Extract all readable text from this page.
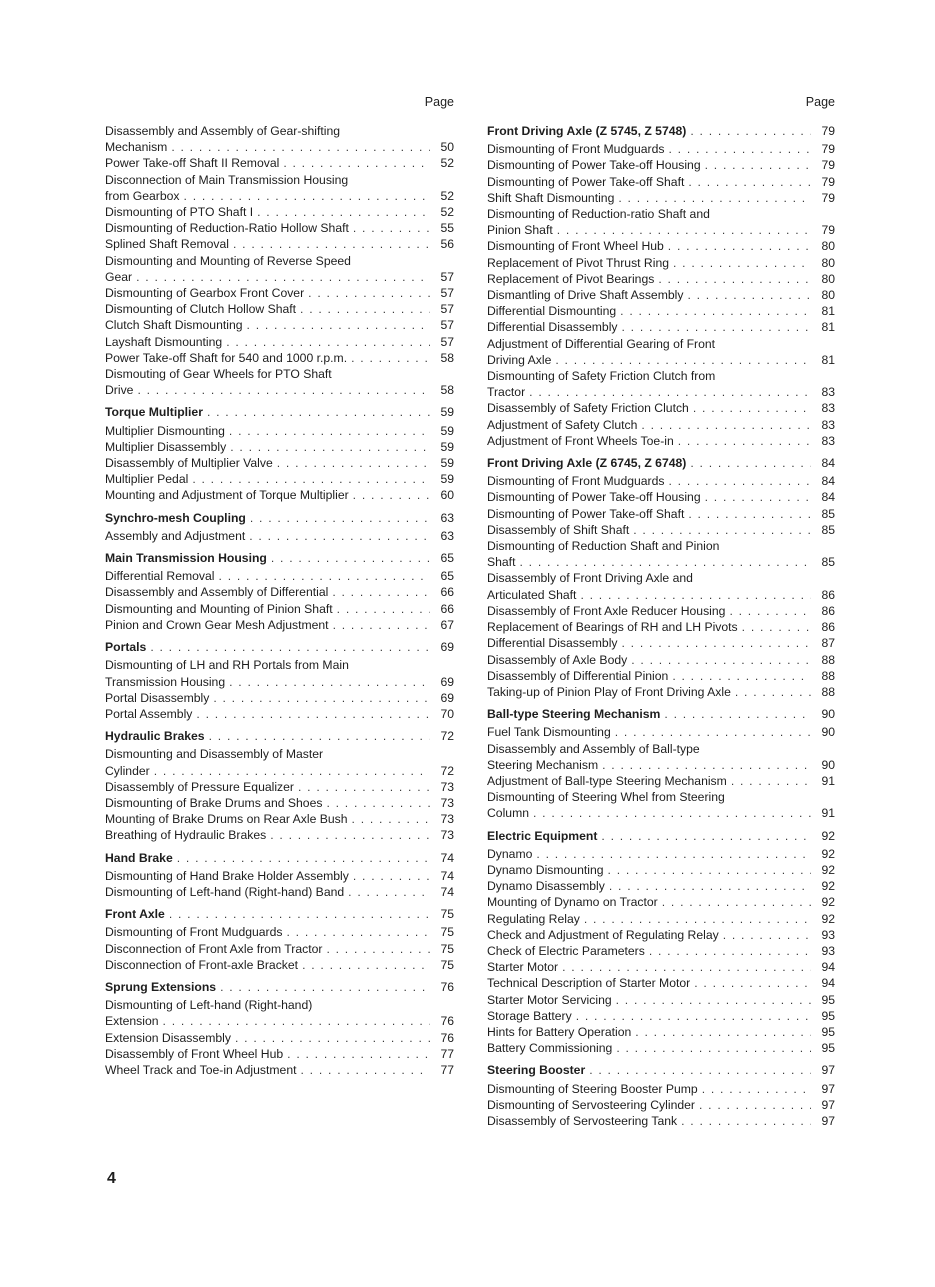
Page
Disassembly and Assembly of Gear-shifting
Mechanism . . .	50
Power Take-off Shaft II Removal . . .	52
Disconnection of Main Transmission Housing
from Gearbox . . .	52
Dismounting of PTO Shaft I . . .	52
Dismounting of Reduction-Ratio Hollow Shaft . . .	55
Splined Shaft Removal . . .	56
Dismounting and Mounting of Reverse Speed
Gear . . .	57
Dismounting of Gearbox Front Cover . . .	57
Dismounting of Clutch Hollow Shaft . . .	57
Clutch Shaft Dismounting . . .	57
Layshaft Dismounting . . .	57
Power Take-off Shaft for 540 and 1000 r.p.m. . . .	58
Dismouting of Gear Wheels for PTO Shaft
Drive . . .	58
Torque Multiplier . . .	59
Multiplier Dismounting . . .	59
Multiplier Disassembly . . .	59
Disassembly of Multiplier Valve . . .	59
Multiplier Pedal . . .	59
Mounting and Adjustment of Torque Multiplier . . .	60
Synchro-mesh Coupling . . .	63
Assembly and Adjustment . . .	63
Main Transmission Housing . . .	65
Differential Removal . . .	65
Disassembly and Assembly of Differential . . .	66
Dismounting and Mounting of Pinion Shaft . . .	66
Pinion and Crown Gear Mesh Adjustment . . .	67
Portals . . .	69
Dismounting of LH and RH Portals from Main
Transmission Housing . . .	69
Portal Disassembly . . .	69
Portal Assembly . . .	70
Hydraulic Brakes . . .	72
Dismounting and Disassembly of Master
Cylinder . . .	72
Disassembly of Pressure Equalizer . . .	73
Dismounting of Brake Drums and Shoes . . .	73
Mounting of Brake Drums on Rear Axle Bush . . .	73
Breathing of Hydraulic Brakes . . .	73
Hand Brake . . .	74
Dismounting of Hand Brake Holder Assembly . . .	74
Dismounting of Left-hand (Right-hand) Band . . .	74
Front Axle . . .	75
Dismounting of Front Mudguards . . .	75
Disconnection of Front Axle from Tractor . . .	75
Disconnection of Front-axle Bracket . . .	75
Sprung Extensions . . .	76
Dismounting of Left-hand (Right-hand)
Extension . . .	76
Extension Disassembly . . .	76
Disassembly of Front Wheel Hub . . .	77
Wheel Track and Toe-in Adjustment . . .	77
Page
Front Driving Axle (Z 5745, Z 5748) . . .	79
Dismounting of Front Mudguards . . .	79
Dismounting of Power Take-off Housing . . .	79
Dismounting of Power Take-off Shaft . . .	79
Shift Shaft Dismounting . . .	79
Dismounting of Reduction-ratio Shaft and
Pinion Shaft . . .	79
Dismounting of Front Wheel Hub . . .	80
Replacement of Pivot Thrust Ring . . .	80
Replacement of Pivot Bearings . . .	80
Dismantling of Drive Shaft Assembly . . .	80
Differential Dismounting . . .	81
Differential Disassembly . . .	81
Adjustment of Differential Gearing of Front
Driving Axle . . .	81
Dismounting of Safety Friction Clutch from
Tractor . . .	83
Disassembly of Safety Friction Clutch . . .	83
Adjustment of Safety Clutch . . .	83
Adjustment of Front Wheels Toe-in . . .	83
Front Driving Axle (Z 6745, Z 6748) . . .	84
Dismounting of Front Mudguards . . .	84
Dismounting of Power Take-off Housing . . .	84
Dismounting of Power Take-off Shaft . . .	85
Disassembly of Shift Shaft . . .	85
Dismounting of Reduction Shaft and Pinion
Shaft . . .	85
Disassembly of Front Driving Axle and
Articulated Shaft . . .	86
Disassembly of Front Axle Reducer Housing . . .	86
Replacement of Bearings of RH and LH Pivots . . .	86
Differential Disassembly . . .	87
Disassembly of Axle Body . . .	88
Disassembly of Differential Pinion . . .	88
Taking-up of Pinion Play of Front Driving Axle . . .	88
Ball-type Steering Mechanism . . .	90
Fuel Tank Dismounting . . .	90
Disassembly and Assembly of Ball-type
Steering Mechanism . . .	90
Adjustment of Ball-type Steering Mechanism . . .	91
Dismounting of Steering Whel from Steering
Column . . .	91
Electric Equipment . . .	92
Dynamo . . .	92
Dynamo Dismounting . . .	92
Dynamo Disassembly . . .	92
Mounting of Dynamo on Tractor . . .	92
Regulating Relay . . .	92
Check and Adjustment of Regulating Relay . . .	93
Check of Electric Parameters . . .	93
Starter Motor . . .	94
Technical Description of Starter Motor . . .	94
Starter Motor Servicing . . .	95
Storage Battery . . .	95
Hints for Battery Operation . . .	95
Battery Commissioning . . .	95
Steering Booster . . .	97
Dismounting of Steering Booster Pump . . .	97
Dismounting of Servosteering Cylinder . . .	97
Disassembly of Servosteering Tank . . .	97
4
